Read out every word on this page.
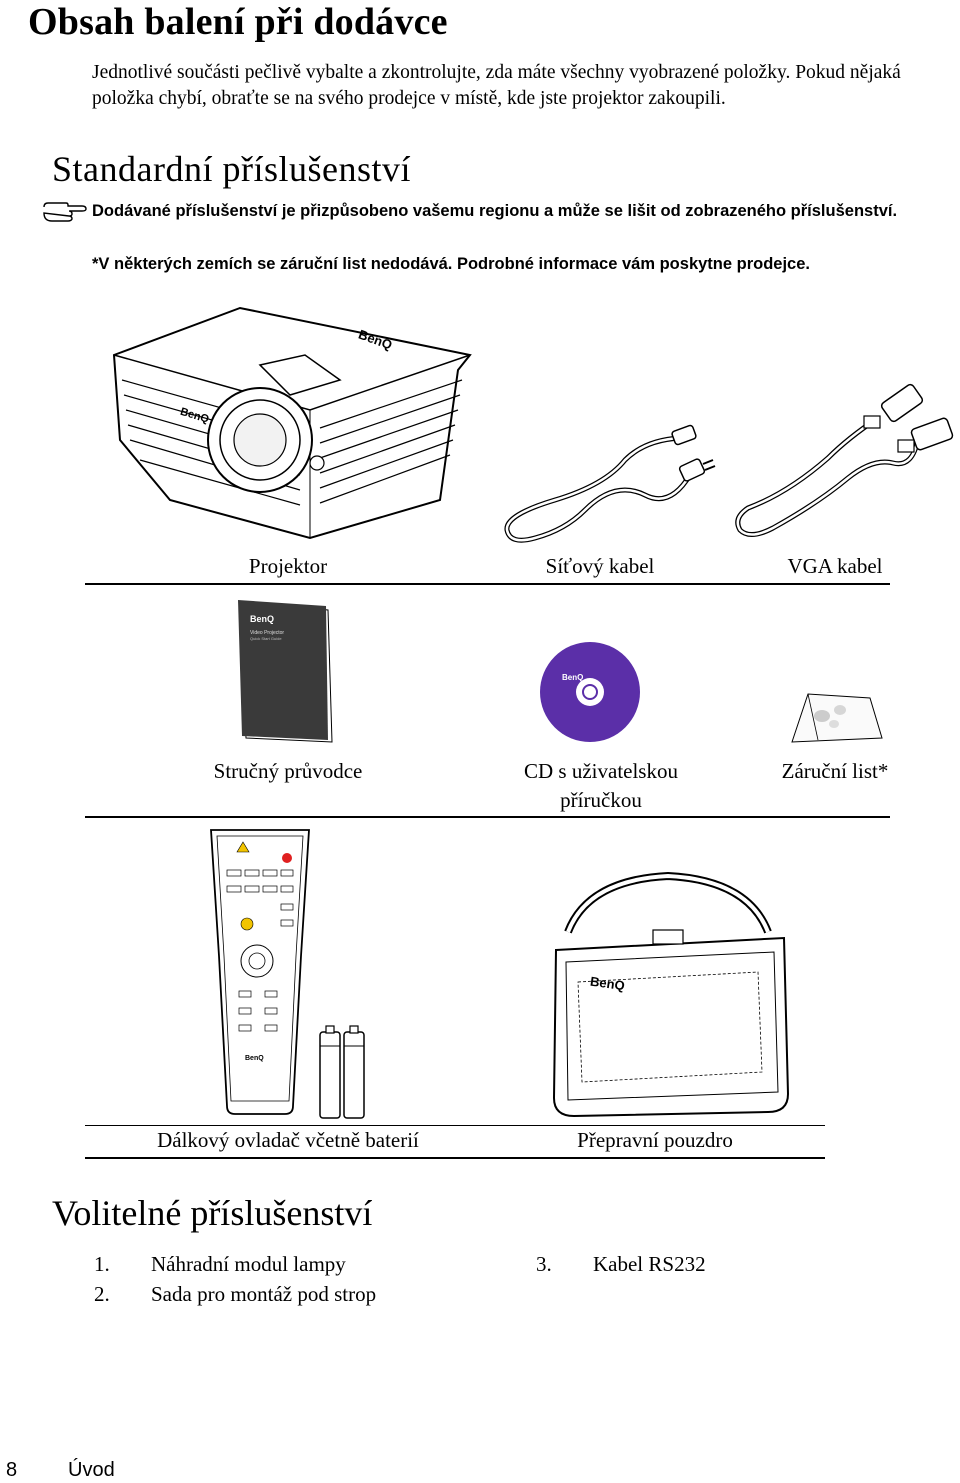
Obsah balení při dodávce
Jednotlivé součásti pečlivě vybalte a zkontrolujte, zda máte všechny vyobrazené položky. Pokud nějaká položka chybí, obraťte se na svého prodejce v místě, kde jste projektor zakoupili.
Standardní příslušenství
Dodávané příslušenství je přizpůsobeno vašemu regionu a může se lišit od zobrazeného příslušenství.
*V některých zemích se záruční list nedodává. Podrobné informace vám poskytne prodejce.
BenQ
BenQ
Projektor	Síťový kabel	VGA kabel
BenQ
Video Projector
Quick Start Guide
BenQ
Stručný průvodce	CD s uživatelskou příručkou
Záruční list*
BenQ
BenQ
Dálkový ovladač včetně baterií	Přepravní pouzdro
Volitelné příslušenství
1. Náhradní modul lampy
2. Sada pro montáž pod strop
3. Kabel RS232
8	Úvod
